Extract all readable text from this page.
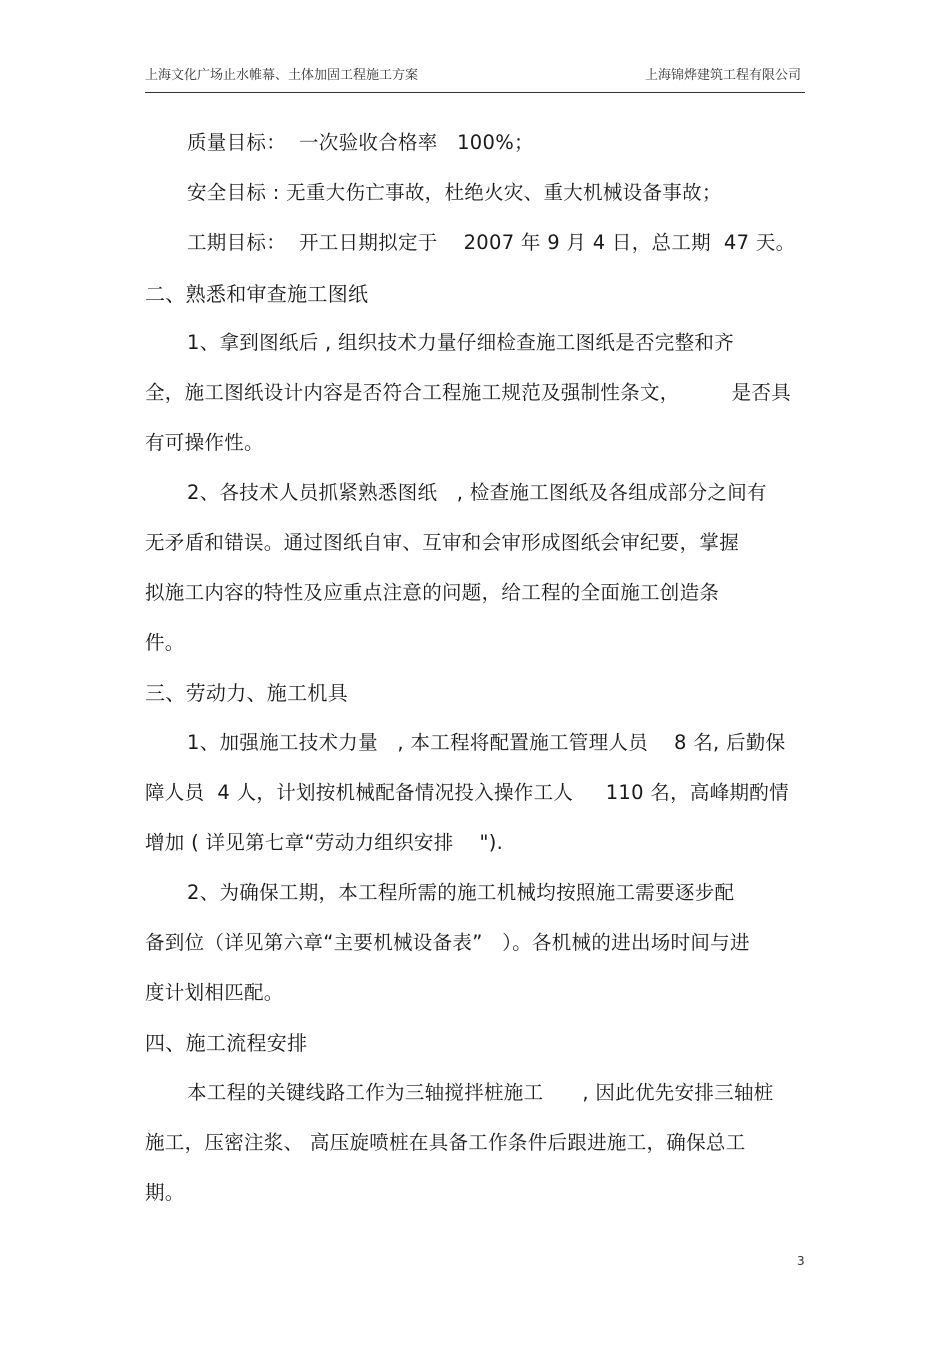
上海文化广场止水帷幕、土体加固工程施工方案	上海锦烨建筑工程有限公司
质量目标：  一次验收合格率   100%；
安全目标 : 无重大伤亡事故，杜绝火灾、重大机械设备事故；
工期目标：  开工日期拟定于    2007 年 9 月 4 日，总工期  47 天。
二、熟悉和审查施工图纸
1、拿到图纸后 , 组织技术力量仔细检查施工图纸是否完整和齐
全，施工图纸设计内容是否符合工程施工规范及强制性条文，        是否具
有可操作性。
2、各技术人员抓紧熟悉图纸   , 检查施工图纸及各组成部分之间有
无矛盾和错误。通过图纸自审、互审和会审形成图纸会审纪要，掌握
拟施工内容的特性及应重点注意的问题，给工程的全面施工创造条
件。
三、劳动力、施工机具
1、加强施工技术力量   , 本工程将配置施工管理人员    8 名, 后勤保
障人员  4 人，计划按机械配备情况投入操作工人     110 名，高峰期酌情
增加 ( 详见第七章“劳动力组织安排    ").
2、为确保工期，本工程所需的施工机械均按照施工需要逐步配
备到位（详见第六章“主要机械设备表”   ）。各机械的进出场时间与进
度计划相匹配。
四、施工流程安排
本工程的关键线路工作为三轴搅拌桩施工      , 因此优先安排三轴桩
施工，压密注浆、 高压旋喷桩在具备工作条件后跟进施工，确保总工
期。
3
